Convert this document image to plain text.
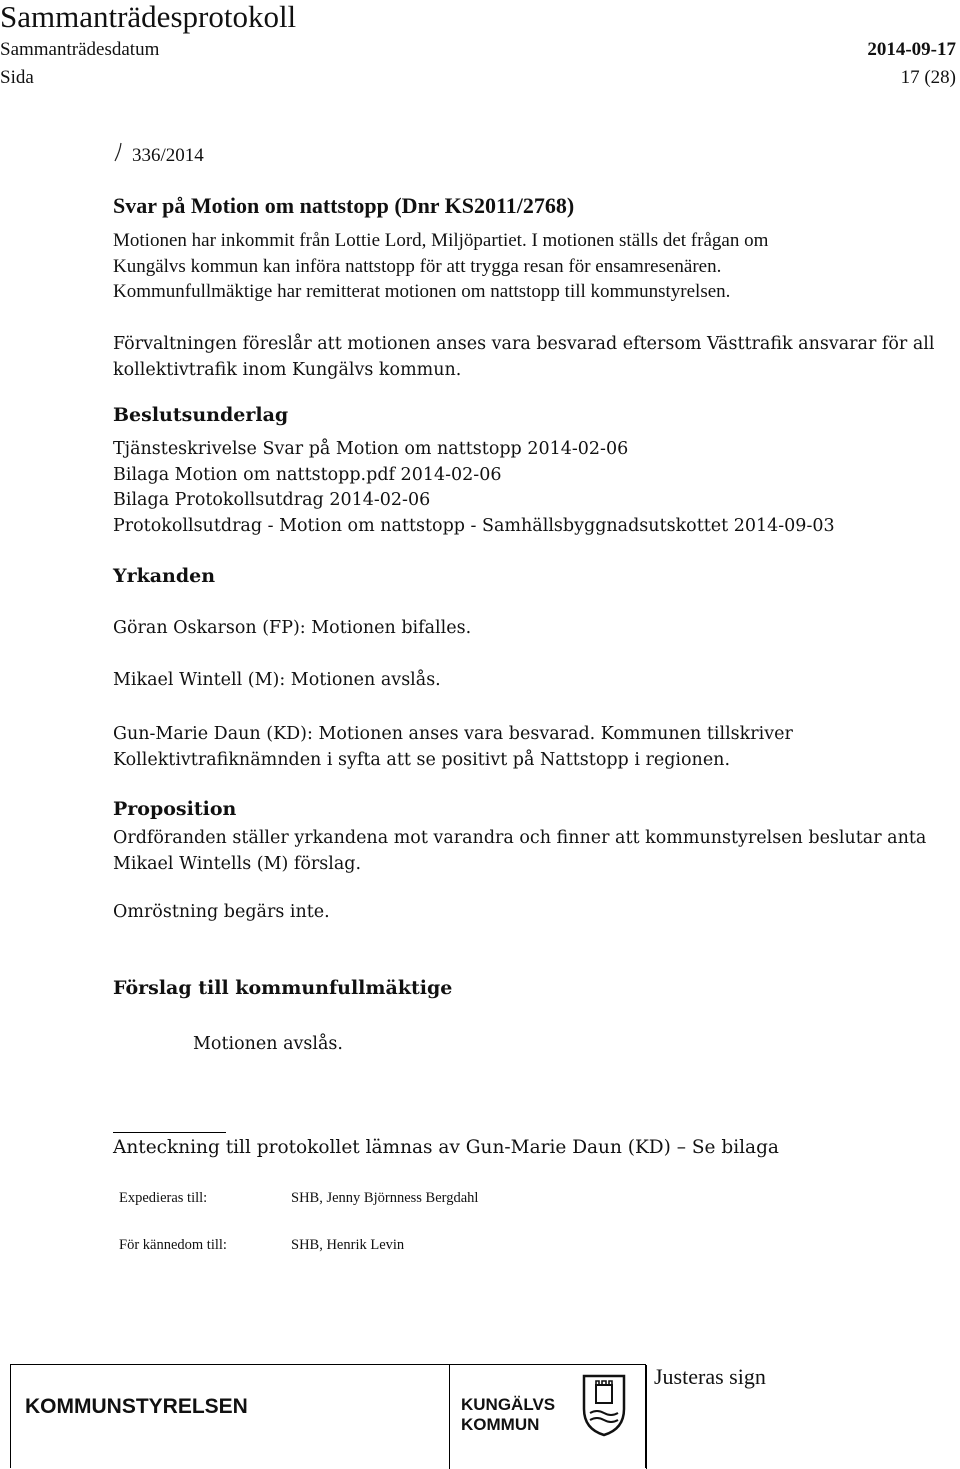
Sammanträdesprotokoll
Sammanträdesdatum	2014-09-17
Sida	17 (28)
336/2014
Svar på Motion om nattstopp (Dnr KS2011/2768)
Motionen har inkommit från Lottie Lord, Miljöpartiet. I motionen ställs det frågan om
Kungälvs kommun kan införa nattstopp för att trygga resan för ensamresenären.
Kommunfullmäktige har remitterat motionen om nattstopp till kommunstyrelsen.
Förvaltningen föreslår att motionen anses vara besvarad eftersom Västtrafik ansvarar för all
kollektivtrafik inom Kungälvs kommun.
Beslutsunderlag
Tjänsteskrivelse Svar på Motion om nattstopp 2014-02-06
Bilaga Motion om nattstopp.pdf 2014-02-06
Bilaga Protokollsutdrag 2014-02-06
Protokollsutdrag - Motion om nattstopp - Samhällsbyggnadsutskottet 2014-09-03
Yrkanden
Göran Oskarson (FP): Motionen bifalles.
Mikael Wintell (M): Motionen avslås.
Gun-Marie Daun (KD): Motionen anses vara besvarad. Kommunen tillskriver
Kollektivtrafiknämnden i syfta att se positivt på Nattstopp i regionen.
Proposition
Ordföranden ställer yrkandena mot varandra och finner att kommunstyrelsen beslutar anta
Mikael Wintells (M) förslag.
Omröstning begärs inte.
Förslag till kommunfullmäktige
Motionen avslås.
Anteckning till protokollet lämnas av Gun-Marie Daun (KD) – Se bilaga
Expedieras till:	SHB, Jenny Björnness Bergdahl
För kännedom till:	SHB, Henrik Levin
KOMMUNSTYRELSEN	KUNGÄLVS
KOMMUN
Justeras sign
